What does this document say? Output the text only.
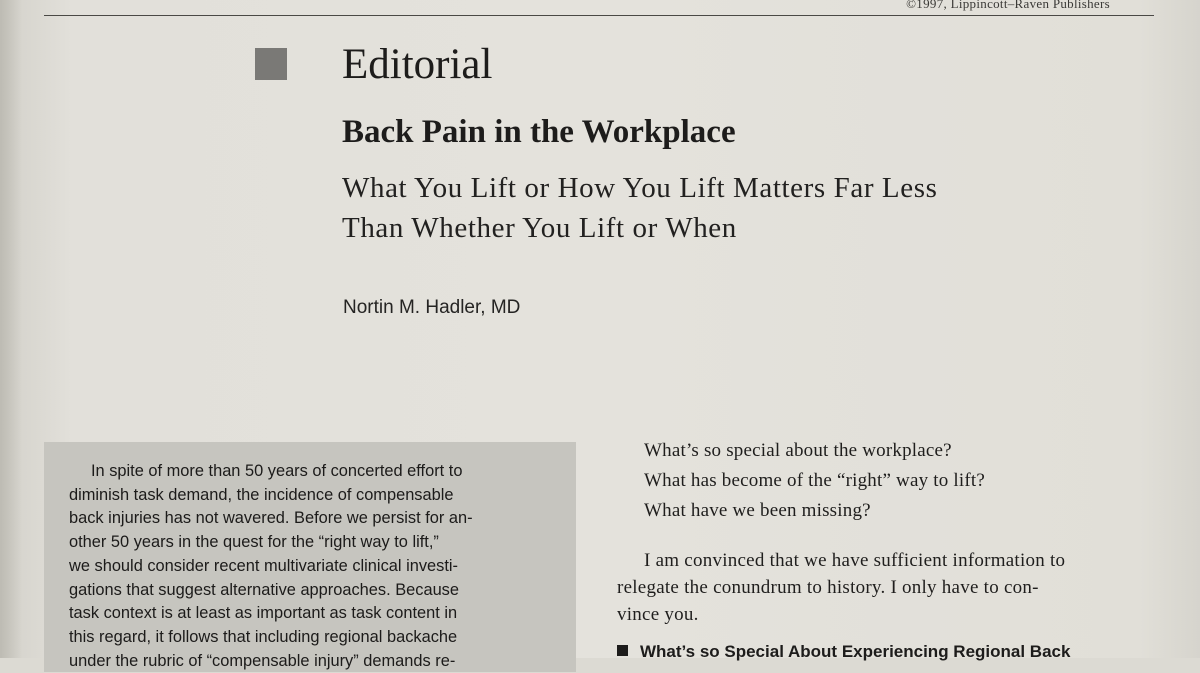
©1997, Lippincott–Raven Publishers
Editorial
Back Pain in the Workplace
What You Lift or How You Lift Matters Far Less
Than Whether You Lift or When
Nortin M. Hadler, MD

In spite of more than 50 years of concerted effort to
diminish task demand, the incidence of compensable
back injuries has not wavered. Before we persist for an-
other 50 years in the quest for the “right way to lift,”
we should consider recent multivariate clinical investi-
gations that suggest alternative approaches. Because
task context is at least as important as task content in
this regard, it follows that including regional backache
under the rubric of “compensable injury” demands re-

What’s so special about the workplace?
What has become of the “right” way to lift?
What have we been missing?

I am convinced that we have sufficient information to
relegate the conundrum to history. I only have to con-
vince you.

What’s so Special About Experiencing Regional Back
